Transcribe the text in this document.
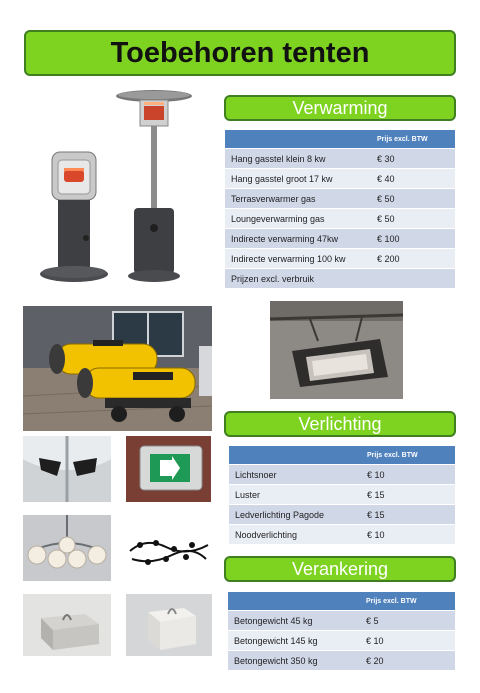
Toebehoren tenten
Verwarming
	Prijs excl. BTW
Hang gasstel klein 8 kw	€ 30
Hang gasstel groot 17 kw	€ 40
Terrasverwarmer gas	€ 50
Loungeverwarming gas	€ 50
Indirecte verwarming 47kw	€ 100
Indirecte verwarming 100 kw	€ 200
Prijzen excl. verbruik	
Verlichting
	Prijs excl. BTW
Lichtsnoer	€ 10
Luster	€ 15
Ledverlichting Pagode	€ 15
Noodverlichting	€ 10
Verankering
	Prijs excl. BTW
Betongewicht 45 kg	€ 5
Betongewicht 145 kg	€ 10
Betongewicht 350 kg	€ 20
